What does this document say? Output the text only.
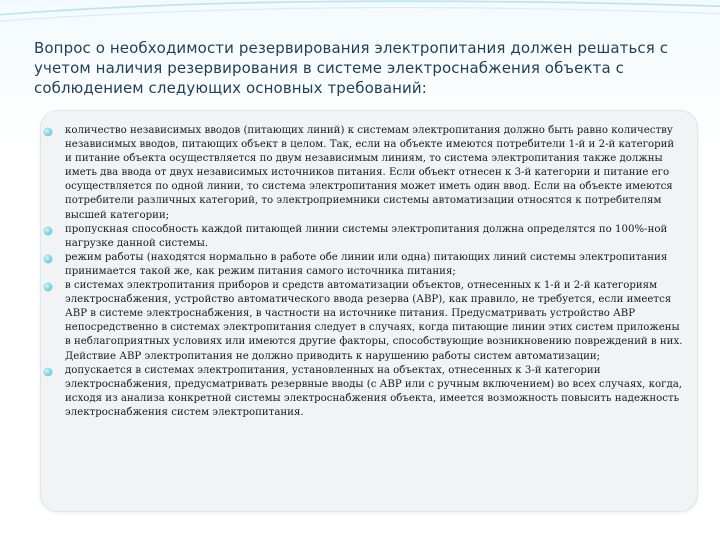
Вопрос о необходимости резервирования электропитания должен решаться с учетом наличия резервирования в системе электроснабжения объекта с соблюдением следующих основных требований:
количество независимых вводов (питающих линий) к системам электропитания должно быть равно количеству независимых вводов, питающих объект в целом. Так, если на объекте имеются потребители 1-й и 2-й категорий и питание объекта осуществляется по двум независимым линиям, то система электропитания также должны иметь два ввода от двух независимых источников питания. Если объект отнесен к 3-й категории и питание его осуществляется по одной линии, то система электропитания может иметь один ввод. Если на объекте имеются потребители различных категорий, то электроприемники системы автоматизации относятся к потребителям высшей категории;
пропускная способность каждой питающей линии системы электропитания должна определятся по 100%-ной нагрузке данной системы.
режим работы (находятся нормально в работе обе линии или одна) питающих линий системы электропитания принимается такой же, как режим питания самого источника питания;
в системах электропитания приборов и средств автоматизации объектов, отнесенных к 1-й и 2-й категориям электроснабжения, устройство автоматического ввода резерва (АВР), как правило, не требуется, если имеется АВР в системе электроснабжения, в частности на источнике питания. Предусматривать устройство АВР непосредственно в системах электропитания следует в случаях, когда питающие линии этих систем приложены в неблагоприятных условиях или имеются другие факторы, способствующие возникновению повреждений в них. Действие АВР электропитания не должно приводить к нарушению работы систем автоматизации;
допускается в системах электропитания, установленных на объектах, отнесенных к 3-й категории электроснабжения, предусматривать резервные вводы (с АВР или с ручным включением) во всех случаях, когда, исходя из анализа конкретной системы электроснабжения объекта, имеется возможность повысить надежность электроснабжения систем электропитания.
